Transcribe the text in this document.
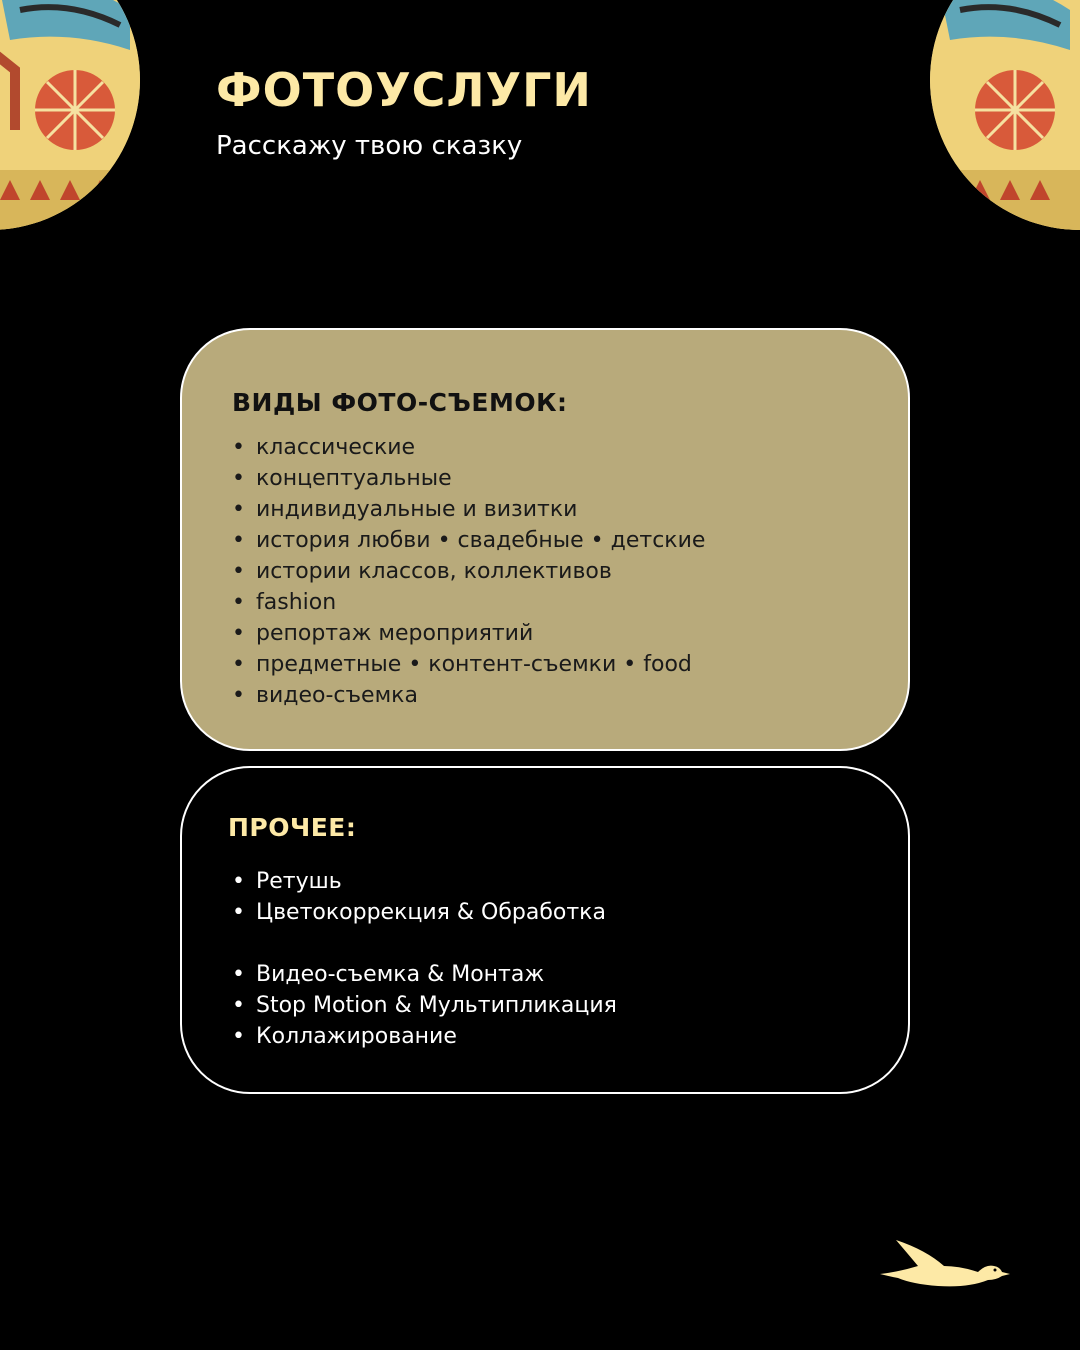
ФОТОУСЛУГИ

Расскажу твою сказку

ВИДЫ ФОТО-СЪЕМОК:
• классические
• концептуальные
• индивидуальные и визитки
• история любви • свадебные • детские
• истории классов, коллективов
• fashion
• репортаж мероприятий
• предметные • контент-съемки • food
• видео-съемка
ПРОЧЕЕ:
• Ретушь
• Цветокоррекция & Обработка
• Видео-съемка & Монтаж
• Stop Motion & Мультипликация
• Коллажирование
